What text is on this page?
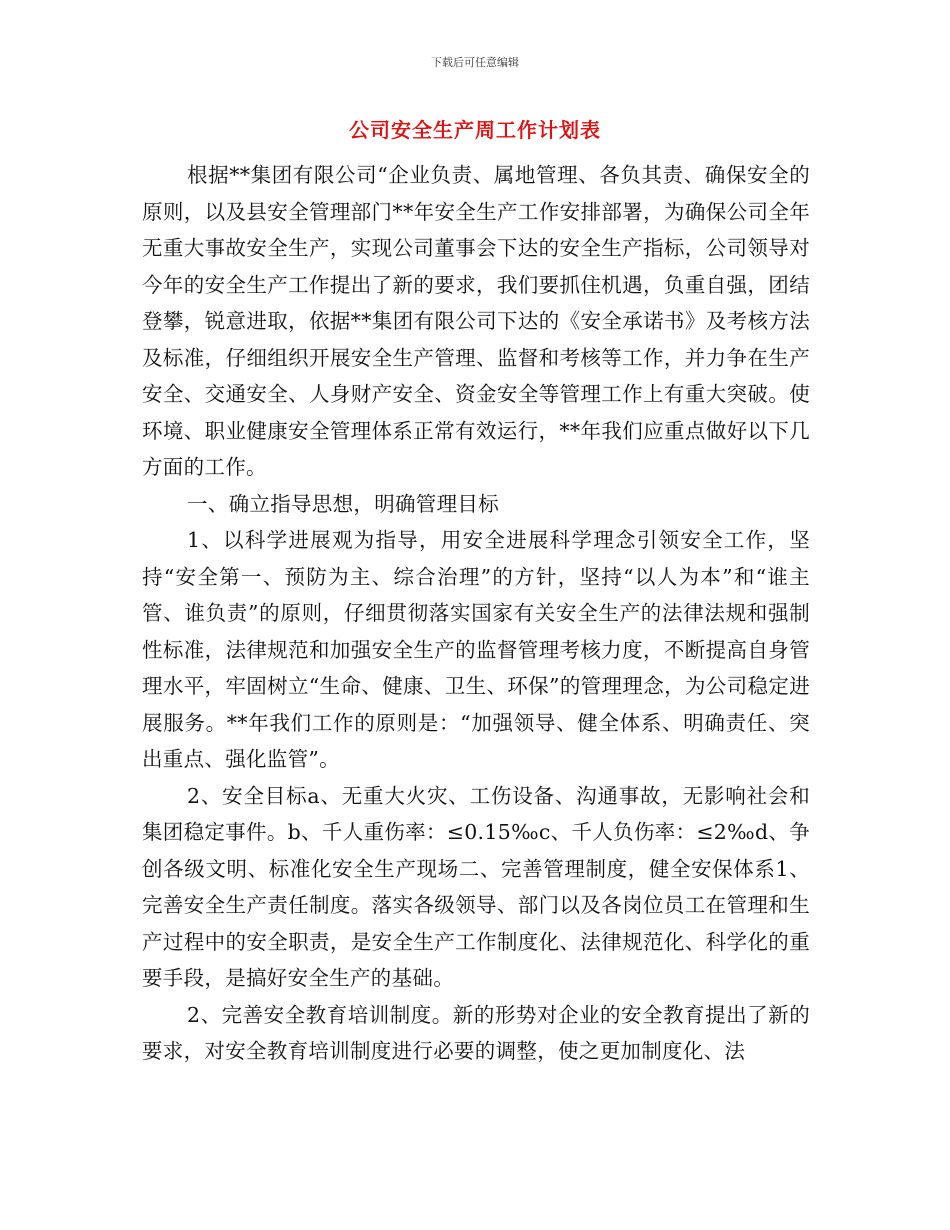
下载后可任意编辑
公司安全生产周工作计划表

根据**集团有限公司“企业负责、属地管理、各负其责、确保安全的原则，以及县安全管理部门**年安全生产工作安排部署，为确保公司全年无重大事故安全生产，实现公司董事会下达的安全生产指标，公司领导对今年的安全生产工作提出了新的要求，我们要抓住机遇，负重自强，团结登攀，锐意进取，依据**集团有限公司下达的《安全承诺书》及考核方法及标准，仔细组织开展安全生产管理、监督和考核等工作，并力争在生产安全、交通安全、人身财产安全、资金安全等管理工作上有重大突破。使环境、职业健康安全管理体系正常有效运行，**年我们应重点做好以下几方面的工作。

一、确立指导思想，明确管理目标

1、以科学进展观为指导，用安全进展科学理念引领安全工作，坚持“安全第一、预防为主、综合治理”的方针，坚持“以人为本”和“谁主管、谁负责”的原则，仔细贯彻落实国家有关安全生产的法律法规和强制性标准，法律规范和加强安全生产的监督管理考核力度，不断提高自身管理水平，牢固树立“生命、健康、卫生、环保”的管理理念，为公司稳定进展服务。**年我们工作的原则是：“加强领导、健全体系、明确责任、突出重点、强化监管”。

2、安全目标a、无重大火灾、工伤设备、沟通事故，无影响社会和集团稳定事件。b、千人重伤率：≤0.15‰c、千人负伤率：≤2‰d、争创各级文明、标准化安全生产现场二、完善管理制度，健全安保体系1、完善安全生产责任制度。落实各级领导、部门以及各岗位员工在管理和生产过程中的安全职责，是安全生产工作制度化、法律规范化、科学化的重要手段，是搞好安全生产的基础。

2、完善安全教育培训制度。新的形势对企业的安全教育提出了新的要求，对安全教育培训制度进行必要的调整，使之更加制度化、法
